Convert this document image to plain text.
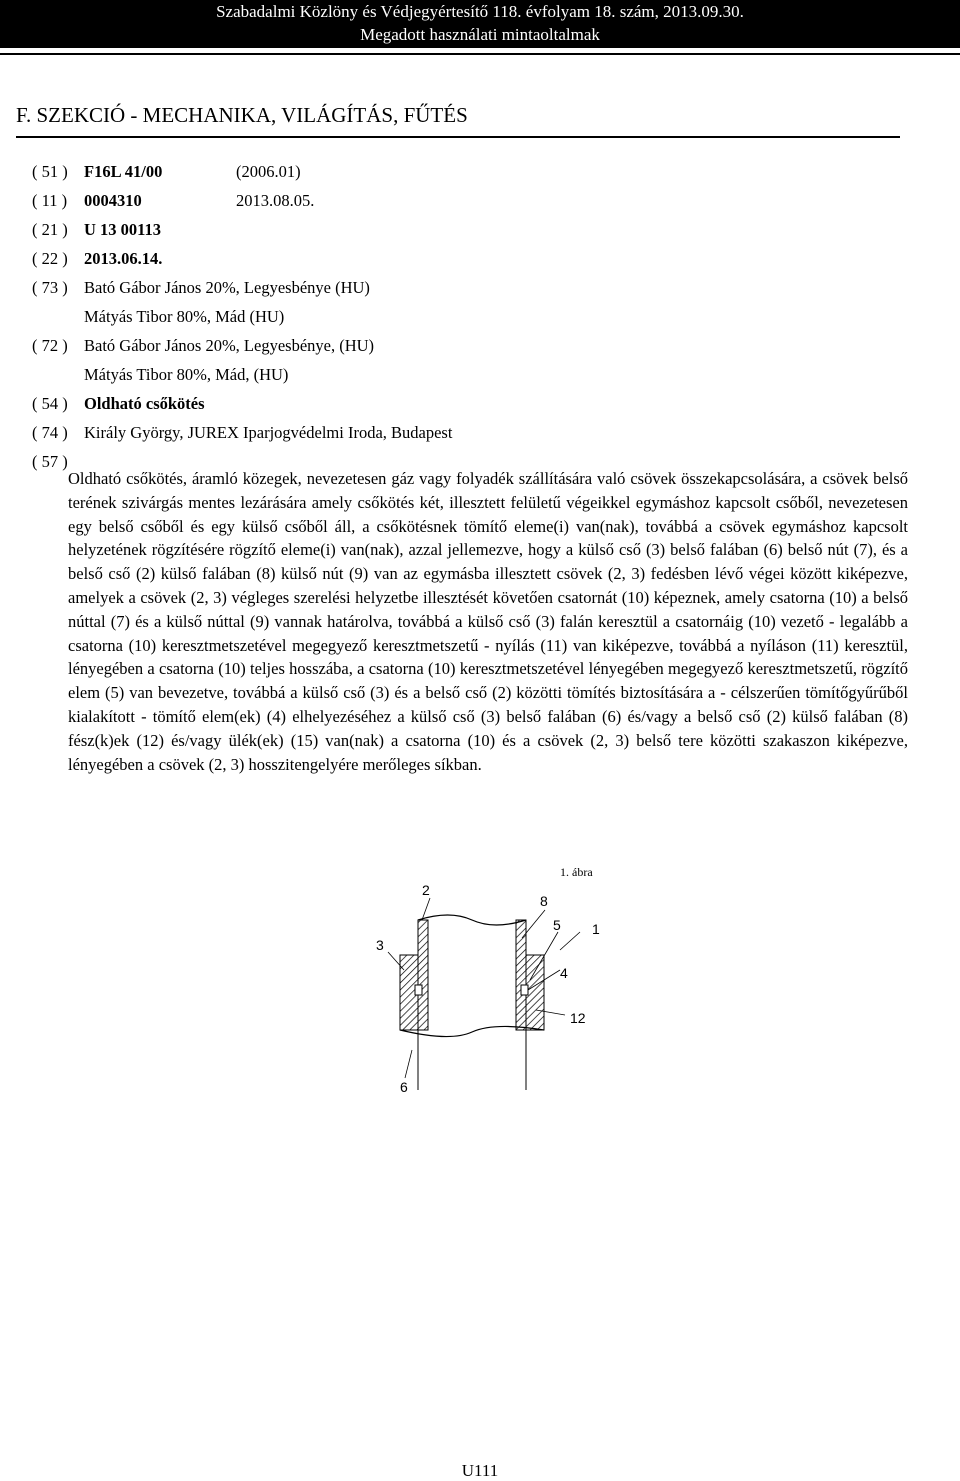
Szabadalmi Közlöny és Védjegyértesítő 118. évfolyam 18. szám, 2013.09.30.
Megadott használati mintaoltalmak
F. SZEKCIÓ - MECHANIKA, VILÁGÍTÁS, FŰTÉS
( 51 ) F16L 41/00	(2006.01)
( 11 )	0004310	2013.08.05.
( 21 ) U 13 00113
( 22 ) 2013.06.14.
( 73 ) Bató Gábor János 20%, Legyesbénye (HU)
Mátyás Tibor 80%, Mád (HU)
( 72 ) Bató Gábor János 20%, Legyesbénye, (HU)
Mátyás Tibor 80%, Mád, (HU)
( 54 ) Oldható csőkötés
( 74 ) Király György, JUREX Iparjogvédelmi Iroda, Budapest
( 57 )
Oldható csőkötés, áramló közegek, nevezetesen gáz vagy folyadék szállítására való csövek összekapcsolására, a csövek belső terének szivárgás mentes lezárására amely csőkötés két, illesztett felületű végeikkel egymáshoz kapcsolt csőből, nevezetesen egy belső csőből és egy külső csőből áll, a csőkötésnek tömítő eleme(i) van(nak), továbbá a csövek egymáshoz kapcsolt helyzetének rögzítésére rögzítő eleme(i) van(nak), azzal jellemezve, hogy a külső cső (3) belső falában (6) belső nút (7), és a belső cső (2) külső falában (8) külső nút (9) van az egymásba illesztett csövek (2, 3) fedésben lévő végei között kiképezve, amelyek a csövek (2, 3) végleges szerelési helyzetbe illesztését követően csatornát (10) képeznek, amely csatorna (10) a belső núttal (7) és a külső núttal (9) vannak határolva, továbbá a külső cső (3) falán keresztül a csatornáig (10) vezető - legalább a csatorna (10) keresztmetszetével megegyező keresztmetszetű - nyílás (11) van kiképezve, továbbá a nyíláson (11) keresztül, lényegében a csatorna (10) teljes hosszába, a csatorna (10) keresztmetszetével lényegében megegyező keresztmetszetű, rögzítő elem (5) van bevezetve, továbbá a külső cső (3) és a belső cső (2) közötti tömítés biztosítására a - célszerűen tömítőgyűrűből kialakított - tömítő elem(ek) (4) elhelyezéséhez a külső cső (3) belső falában (6) és/vagy a belső cső (2) külső falában (8) fész(k)ek (12) és/vagy ülék(ek) (15) van(nak) a csatorna (10) és a csövek (2, 3) belső tere közötti szakaszon kiképezve, lényegében a csövek (2, 3) hosszitengelyére merőleges síkban.
1. ábra
2
8
5 1
3
4
12
6
U111
